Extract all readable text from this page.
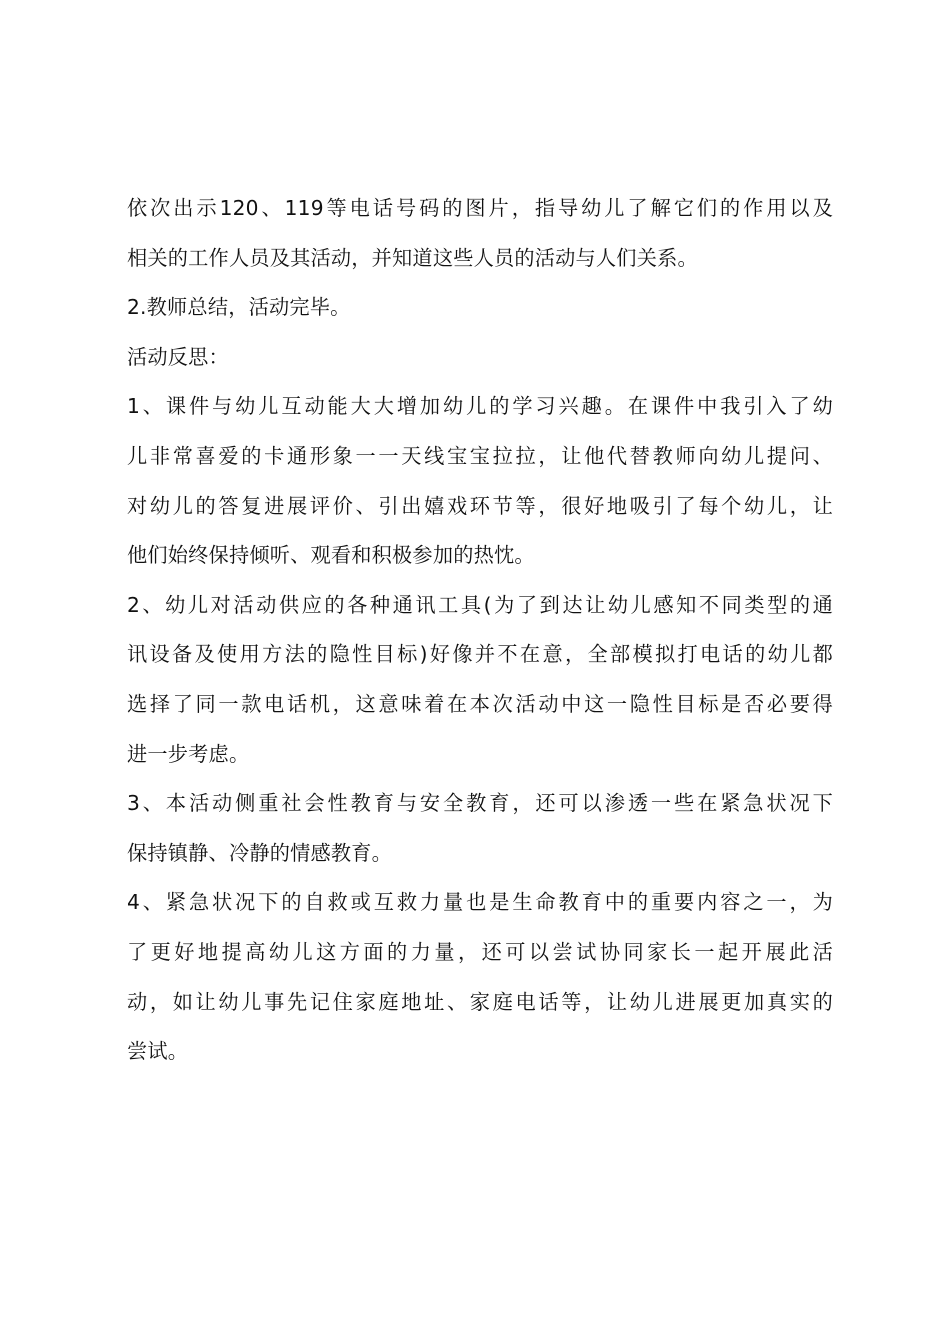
依次出示120、119等电话号码的图片，指导幼儿了解它们的作用以及
相关的工作人员及其活动，并知道这些人员的活动与人们关系。

2.教师总结，活动完毕。

活动反思：

1、课件与幼儿互动能大大增加幼儿的学习兴趣。在课件中我引入了幼
儿非常喜爱的卡通形象一一天线宝宝拉拉，让他代替教师向幼儿提问、
对幼儿的答复进展评价、引出嬉戏环节等，很好地吸引了每个幼儿，让
他们始终保持倾听、观看和积极参加的热忱。

2、幼儿对活动供应的各种通讯工具(为了到达让幼儿感知不同类型的通
讯设备及使用方法的隐性目标)好像并不在意，全部模拟打电话的幼儿都
选择了同一款电话机，这意味着在本次活动中这一隐性目标是否必要得
进一步考虑。

3、本活动侧重社会性教育与安全教育，还可以渗透一些在紧急状况下
保持镇静、冷静的情感教育。

4、紧急状况下的自救或互救力量也是生命教育中的重要内容之一，为
了更好地提高幼儿这方面的力量，还可以尝试协同家长一起开展此活
动，如让幼儿事先记住家庭地址、家庭电话等，让幼儿进展更加真实的
尝试。
